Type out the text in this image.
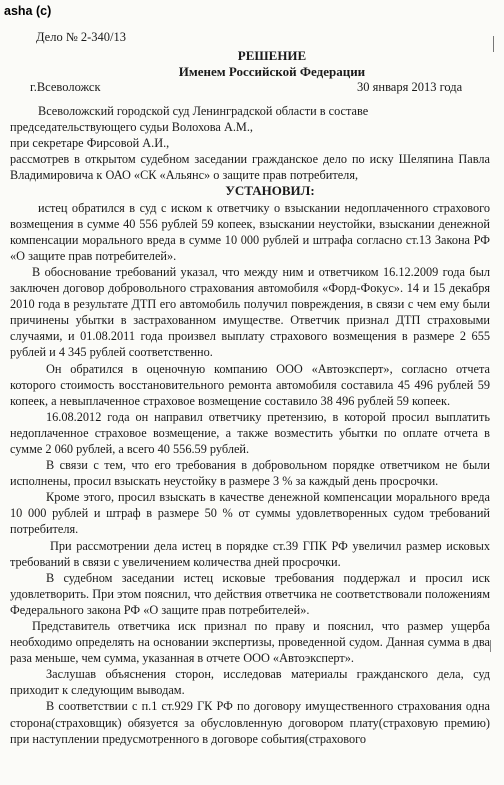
asha (c)
Дело № 2-340/13
РЕШЕНИЕ
Именем Российской Федерации
г.Всеволожск	30 января 2013 года

Всеволожский городской суд Ленинградской области в составе

председательствующего судьи Волохова А.М.,

при секретаре Фирсовой А.И.,

рассмотрев в открытом судебном заседании гражданское дело по иску Шеляпина Павла Владимировича к ОАО «СК «Альянс» о защите прав потребителя,

УСТАНОВИЛ:

истец обратился в суд с иском к ответчику о взыскании недоплаченного страхового возмещения в сумме 40 556 рублей 59 копеек, взыскании неустойки, взыскании денежной компенсации морального вреда в сумме 10 000 рублей и штрафа согласно ст.13 Закона РФ «О защите прав потребителей».

В обоснование требований указал, что между ним и ответчиком 16.12.2009 года был заключен договор добровольного страхования автомобиля «Форд-Фокус». 14 и 15 декабря 2010 года в результате ДТП его автомобиль получил повреждения, в связи с чем ему были причинены убытки в застрахованном имуществе. Ответчик признал ДТП страховыми случаями, и 01.08.2011 года произвел выплату страхового возмещения в размере 2 655 рублей и 4 345 рублей соответственно.

Он обратился в оценочную компанию ООО «Автоэксперт», согласно отчета которого стоимость восстановительного ремонта автомобиля составила 45 496 рублей 59 копеек, а невыплаченное страховое возмещение составило 38 496 рублей 59 копеек.

16.08.2012 года он направил ответчику претензию, в которой просил выплатить недоплаченное страховое возмещение, а также возместить убытки по оплате отчета в сумме 2 060 рублей, а всего 40 556.59 рублей.

В связи с тем, что его требования в добровольном порядке ответчиком не были исполнены, просил взыскать неустойку в размере 3 % за каждый день просрочки.

Кроме этого, просил взыскать в качестве денежной компенсации морального вреда 10 000 рублей и штраф в размере 50 % от суммы удовлетворенных судом требований потребителя.

При рассмотрении дела истец в порядке ст.39 ГПК РФ увеличил размер исковых требований в связи с увеличением количества дней просрочки.

В судебном заседании истец исковые требования поддержал и просил иск удовлетворить. При этом пояснил, что действия ответчика не соответствовали положениям Федерального закона РФ «О защите прав потребителей».

Представитель ответчика иск признал по праву и пояснил, что размер ущерба необходимо определять на основании экспертизы, проведенной судом. Данная сумма в два раза меньше, чем сумма, указанная в отчете ООО «Автоэксперт».

Заслушав объяснения сторон, исследовав материалы гражданского дела, суд приходит к следующим выводам.

В соответствии с п.1 ст.929 ГК РФ по договору имущественного страхования одна сторона(страховщик) обязуется за обусловленную договором плату(страховую премию) при наступлении предусмотренного в договоре события(страхового
